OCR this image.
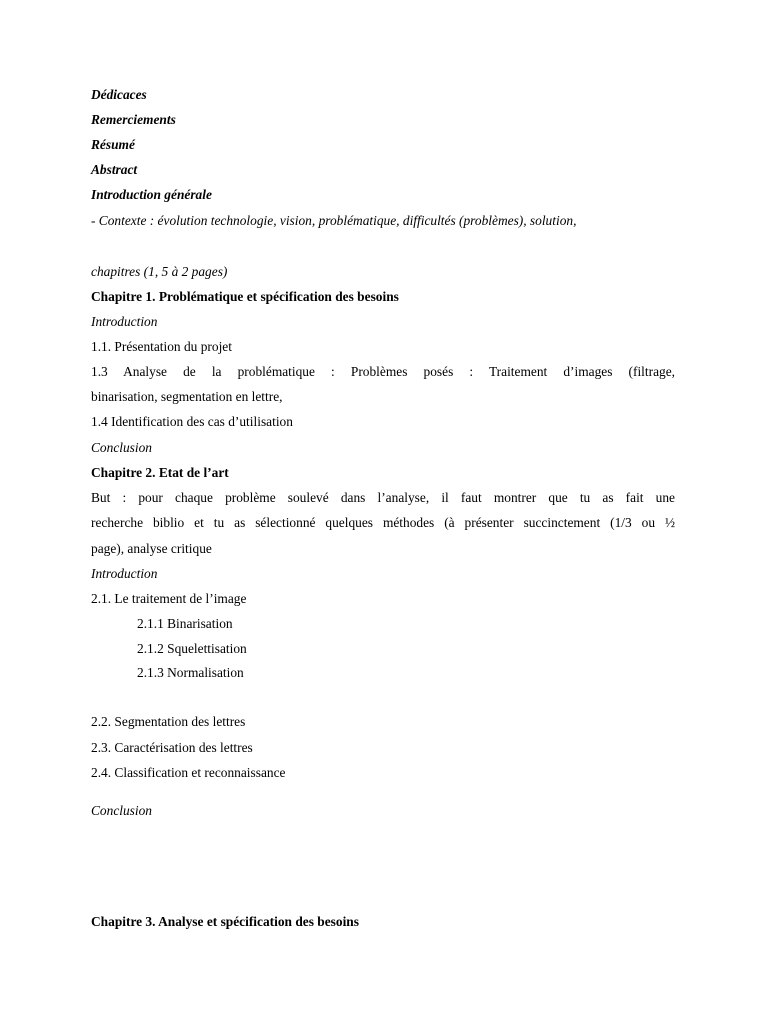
Dédicaces
Remerciements
Résumé
Abstract
Introduction générale
- Contexte : évolution technologie, vision, problématique, difficultés (problèmes), solution,
chapitres (1, 5 à 2 pages)
Chapitre 1. Problématique et spécification des besoins
Introduction
1.1. Présentation du projet
1.3 Analyse de la problématique : Problèmes posés : Traitement d’images (filtrage,
binarisation, segmentation en lettre,
1.4 Identification des cas d’utilisation
Conclusion
Chapitre 2. Etat de l’art
But : pour chaque problème soulevé dans l’analyse, il faut montrer que tu as fait une
recherche biblio et tu as sélectionné quelques méthodes (à présenter succinctement (1/3 ou ½
page), analyse critique
Introduction
2.1. Le traitement de l’image
2.1.1 Binarisation
2.1.2 Squelettisation
2.1.3 Normalisation
2.2. Segmentation des lettres
2.3. Caractérisation des lettres
2.4. Classification et reconnaissance
Conclusion
Chapitre 3. Analyse et spécification des besoins
